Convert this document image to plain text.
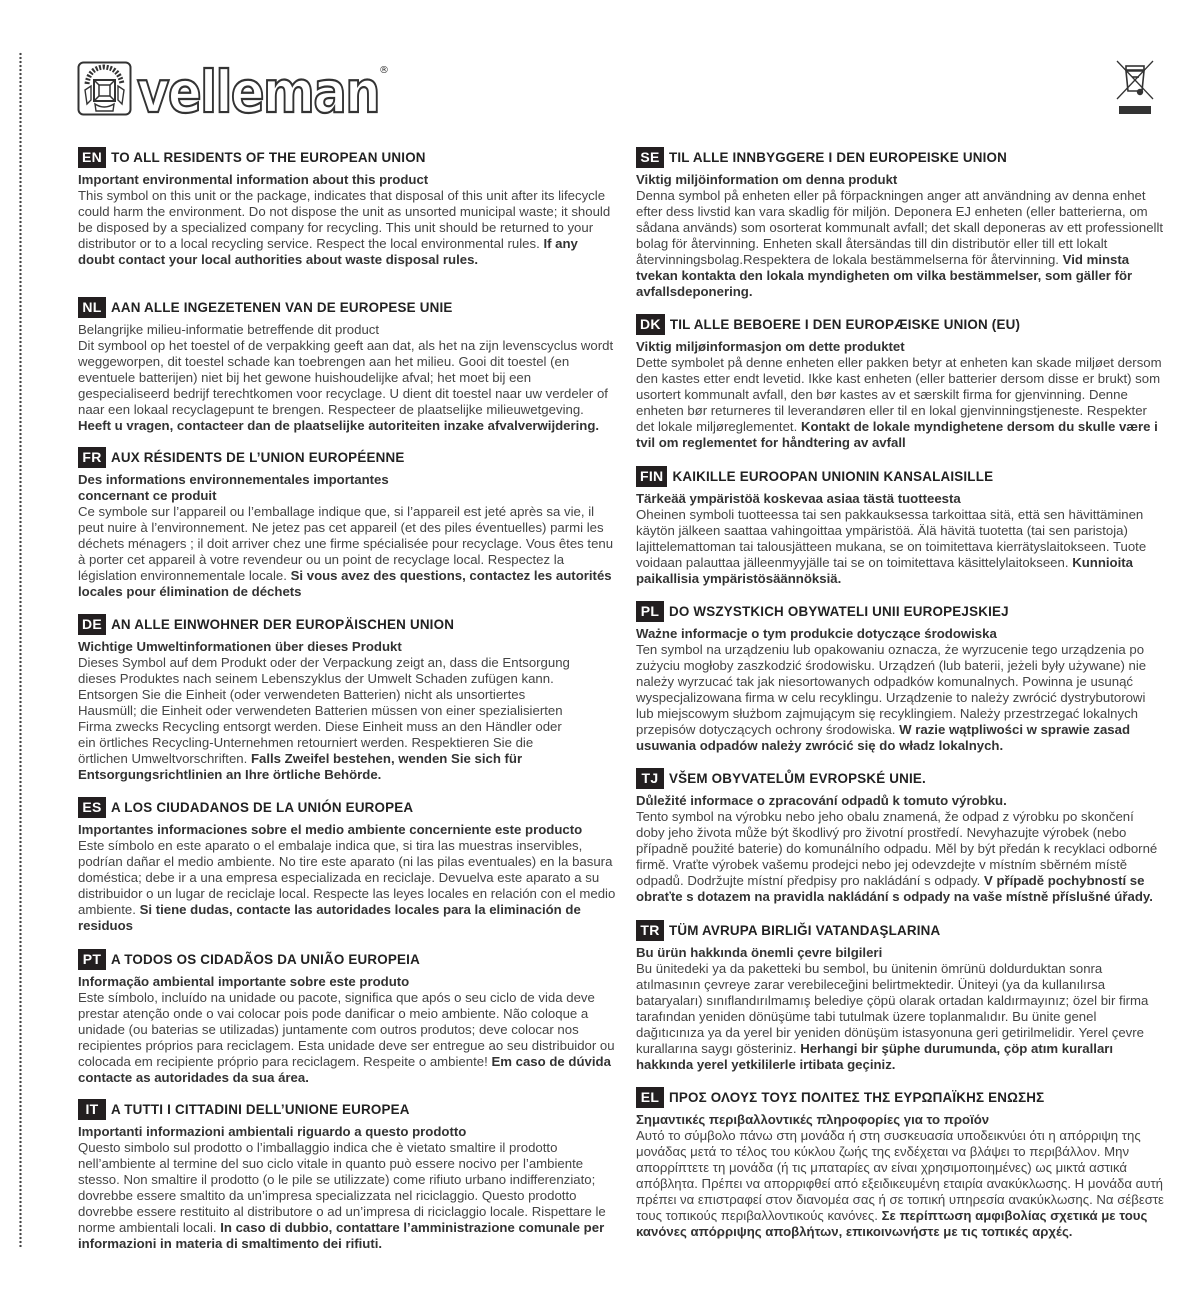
velleman ®
EN TO ALL RESIDENTS OF THE EUROPEAN UNION
Important environmental information about this product
This symbol on this unit or the package, indicates that disposal of this unit after its lifecycle could harm the environment. Do not dispose the unit as unsorted municipal waste; it should be disposed by a specialized company for recycling. This unit should be returned to your distributor or to a local recycling service. Respect the local environmental rules. If any doubt contact your local authorities about waste disposal rules.
NL AAN ALLE INGEZETENEN VAN DE EUROPESE UNIE
Belangrijke milieu-informatie betreffende dit product
Dit symbool op het toestel of de verpakking geeft aan dat, als het na zijn levenscyclus wordt weggeworpen, dit toestel schade kan toebrengen aan het milieu. Gooi dit toestel (en eventuele batterijen) niet bij het gewone huishoudelijke afval; het moet bij een gespecialiseerd bedrijf terechtkomen voor recyclage. U dient dit toestel naar uw verdeler of naar een lokaal recyclagepunt te brengen. Respecteer de plaatselijke milieuwetgeving. Heeft u vragen, contacteer dan de plaatselijke autoriteiten inzake afvalverwijdering.
FR AUX RÉSIDENTS DE L’UNION EUROPÉENNE
Des informations environnementales importantes concernant ce produit
Ce symbole sur l’appareil ou l’emballage indique que, si l’appareil est jeté après sa vie, il peut nuire à l’environnement. Ne jetez pas cet appareil (et des piles éventuelles) parmi les déchets ménagers ; il doit arriver chez une firme spécialisée pour recyclage. Vous êtes tenu à porter cet appareil à votre revendeur ou un point de recyclage local. Respectez la législation environnementale locale. Si vous avez des questions, contactez les autorités locales pour élimination de déchets
DE AN ALLE EINWOHNER DER EUROPÄISCHEN UNION
Wichtige Umweltinformationen über dieses Produkt
Dieses Symbol auf dem Produkt oder der Verpackung zeigt an, dass die Entsorgung dieses Produktes nach seinem Lebenszyklus der Umwelt Schaden zufügen kann. Entsorgen Sie die Einheit (oder verwendeten Batterien) nicht als unsortiertes Hausmüll; die Einheit oder verwendeten Batterien müssen von einer spezialisierten Firma zwecks Recycling entsorgt werden. Diese Einheit muss an den Händler oder ein örtliches Recycling-Unternehmen retourniert werden. Respektieren Sie die örtlichen Umweltvorschriften. Falls Zweifel bestehen, wenden Sie sich für Entsorgungsrichtlinien an Ihre örtliche Behörde.
ES A LOS CIUDADANOS DE LA UNIÓN EUROPEA
Importantes informaciones sobre el medio ambiente concerniente este producto
Este símbolo en este aparato o el embalaje indica que, si tira las muestras inservibles, podrían dañar el medio ambiente. No tire este aparato (ni las pilas eventuales) en la basura doméstica; debe ir a una empresa especializada en reciclaje. Devuelva este aparato a su distribuidor o un lugar de reciclaje local. Respecte las leyes locales en relación con el medio ambiente. Si tiene dudas, contacte las autoridades locales para la eliminación de residuos
PT A TODOS OS CIDADÃOS DA UNIÃO EUROPEIA
Informação ambiental importante sobre este produto
Este símbolo, incluído na unidade ou pacote, significa que após o seu ciclo de vida deve prestar atenção onde o vai colocar pois pode danificar o meio ambiente. Não coloque a unidade (ou baterias se utilizadas) juntamente com outros produtos; deve colocar nos recipientes próprios para reciclagem. Esta unidade deve ser entregue ao seu distribuidor ou colocada em recipiente próprio para reciclagem. Respeite o ambiente! Em caso de dúvida contacte as autoridades da sua área.
IT A TUTTI I CITTADINI DELL’UNIONE EUROPEA
Importanti informazioni ambientali riguardo a questo prodotto
Questo simbolo sul prodotto o l’imballaggio indica che è vietato smaltire il prodotto nell’ambiente al termine del suo ciclo vitale in quanto può essere nocivo per l’ambiente stesso. Non smaltire il prodotto (o le pile se utilizzate) come rifiuto urbano indifferenziato; dovrebbe essere smaltito da un’impresa specializzata nel riciclaggio. Questo prodotto dovrebbe essere restituito al distributore o ad un’impresa di riciclaggio locale. Rispettare le norme ambientali locali. In caso di dubbio, contattare l’amministrazione comunale per informazioni in materia di smaltimento dei rifiuti.
SE TIL ALLE INNBYGGERE I DEN EUROPEISKE UNION
Viktig miljöinformation om denna produkt
Denna symbol på enheten eller på förpackningen anger att användning av denna enhet efter dess livstid kan vara skadlig för miljön. Deponera EJ enheten (eller batterierna, om sådana används) som osorterat kommunalt avfall; det skall deponeras av ett professionellt bolag för återvinning. Enheten skall återsändas till din distributör eller till ett lokalt återvinningsbolag.Respektera de lokala bestämmelserna för återvinning. Vid minsta tvekan kontakta den lokala myndigheten om vilka bestämmelser, som gäller för avfallsdeponering.
DK TIL ALLE BEBOERE I DEN EUROPÆISKE UNION (EU)
Viktig miljøinformasjon om dette produktet
Dette symbolet på denne enheten eller pakken betyr at enheten kan skade miljøet dersom den kastes etter endt levetid. Ikke kast enheten (eller batterier dersom disse er brukt) som usortert kommunalt avfall, den bør kastes av et særskilt firma for gjenvinning. Denne enheten bør returneres til leverandøren eller til en lokal gjenvinningstjeneste. Respekter det lokale miljøreglementet. Kontakt de lokale myndighetene dersom du skulle være i tvil om reglementet for håndtering av avfall
FIN KAIKILLE EUROOPAN UNIONIN KANSALAISILLE
Tärkeää ympäristöä koskevaa asiaa tästä tuotteesta
Oheinen symboli tuotteessa tai sen pakkauksessa tarkoittaa sitä, että sen hävittäminen käytön jälkeen saattaa vahingoittaa ympäristöä. Älä hävitä tuotetta (tai sen paristoja) lajittelemattoman tai talousjätteen mukana, se on toimitettava kierrätyslaitokseen. Tuote voidaan palauttaa jälleenmyyjälle tai se on toimitettava käsittelylaitokseen. Kunnioita paikallisia ympäristösäännöksiä.
PL DO WSZYSTKICH OBYWATELI UNII EUROPEJSKIEJ
Ważne informacje o tym produkcie dotyczące środowiska
Ten symbol na urządzeniu lub opakowaniu oznacza, że wyrzucenie tego urządzenia po zużyciu mogłoby zaszkodzić środowisku. Urządzeń (lub baterii, jeżeli były używane) nie należy wyrzucać tak jak niesortowanych odpadków komunalnych. Powinna je usunąć wyspecjalizowana firma w celu recyklingu. Urządzenie to należy zwrócić dystrybutorowi lub miejscowym służbom zajmującym się recyklingiem. Należy przestrzegać lokalnych przepisów dotyczących ochrony środowiska. W razie wątpliwości w sprawie zasad usuwania odpadów należy zwrócić się do władz lokalnych.
TJ VŠEM OBYVATELŮM EVROPSKÉ UNIE.
Důležité informace o zpracování odpadů k tomuto výrobku.
Tento symbol na výrobku nebo jeho obalu znamená, že odpad z výrobku po skončení doby jeho života může být škodlivý pro životní prostředí. Nevyhazujte výrobek (nebo případně použité baterie) do komunálního odpadu. Měl by být předán k recyklaci odborné firmě. Vraťte výrobek vašemu prodejci nebo jej odevzdejte v místním sběrném místě odpadů. Dodržujte místní předpisy pro nakládání s odpady. V případě pochybností se obraťte s dotazem na pravidla nakládání s odpady na vaše místně příslušné úřady.
TR TÜM AVRUPA BIRLIĞI VATANDAŞLARINA
Bu ürün hakkında önemli çevre bilgileri
Bu ünitedeki ya da paketteki bu sembol, bu ünitenin ömrünü doldurduktan sonra atılmasının çevreye zarar verebileceğini belirtmektedir. Üniteyi (ya da kullanılırsa bataryaları) sınıflandırılmamış belediye çöpü olarak ortadan kaldırmayınız; özel bir firma tarafından yeniden dönüşüme tabi tutulmak üzere toplanmalıdır. Bu ünite genel dağıtıcınıza ya da yerel bir yeniden dönüşüm istasyonuna geri getirilmelidir. Yerel çevre kurallarına saygı gösteriniz. Herhangi bir şüphe durumunda, çöp atım kuralları hakkında yerel yetkililerle irtibata geçiniz.
EL ΠΡΟΣ ΟΛΟΥΣ ΤΟΥΣ ΠΟΛΙΤΕΣ ΤΗΣ ΕΥΡΩΠΑΪΚΗΣ ΕΝΩΣΗΣ
Σημαντικές περιβαλλοντικές πληροφορίες για το προϊόν
Αυτό το σύμβολο πάνω στη μονάδα ή στη συσκευασία υποδεικνύει ότι η απόρριψη της μονάδας μετά το τέλος του κύκλου ζωής της ενδέχεται να βλάψει το περιβάλλον. Μην απορρίπτετε τη μονάδα (ή τις μπαταρίες αν είναι χρησιμοποιημένες) ως μικτά αστικά απόβλητα. Πρέπει να απορριφθεί από εξειδικευμένη εταιρία ανακύκλωσης. Η μονάδα αυτή πρέπει να επιστραφεί στον διανομέα σας ή σε τοπική υπηρεσία ανακύκλωσης. Να σέβεστε τους τοπικούς περιβαλλοντικούς κανόνες. Σε περίπτωση αμφιβολίας σχετικά με τους κανόνες απόρριψης αποβλήτων, επικοινωνήστε με τις τοπικές αρχές.
